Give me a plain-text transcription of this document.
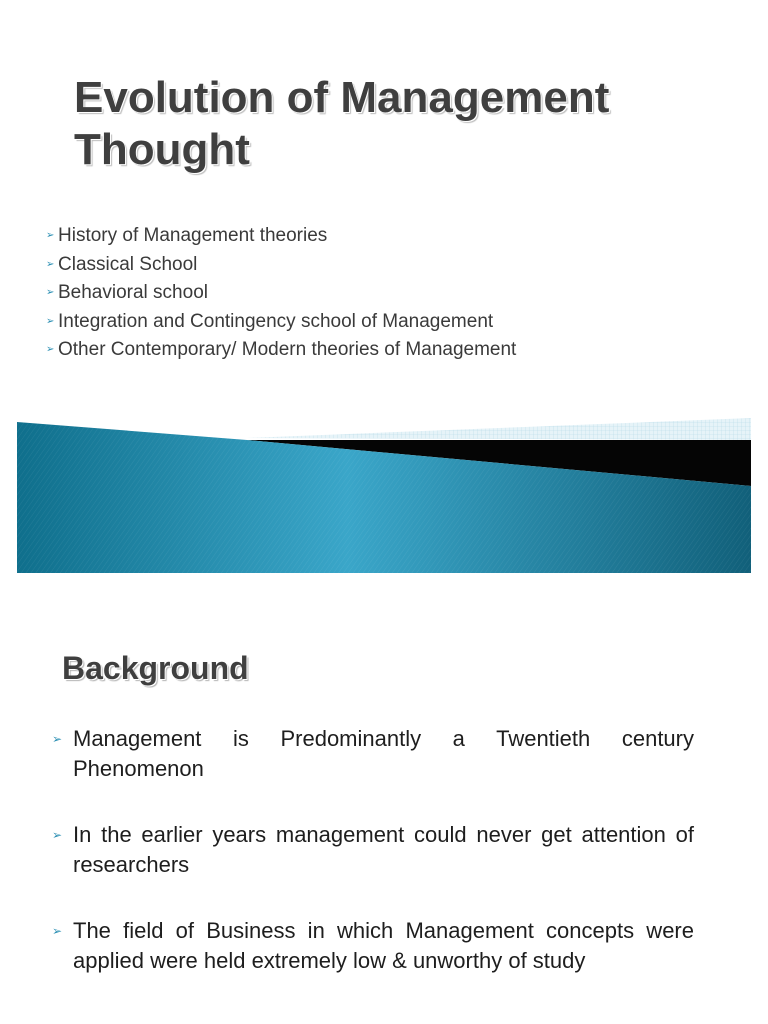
Evolution of Management Thought
➢ History of Management theories
➢ Classical School
➢ Behavioral school
➢ Integration and Contingency school of Management
➢ Other Contemporary/ Modern theories of Management
Background
➢ Management is Predominantly a Twentieth century Phenomenon
➢ In the earlier years management could never get attention of researchers
➢ The field of Business in which Management concepts were applied were held extremely low & unworthy of study
